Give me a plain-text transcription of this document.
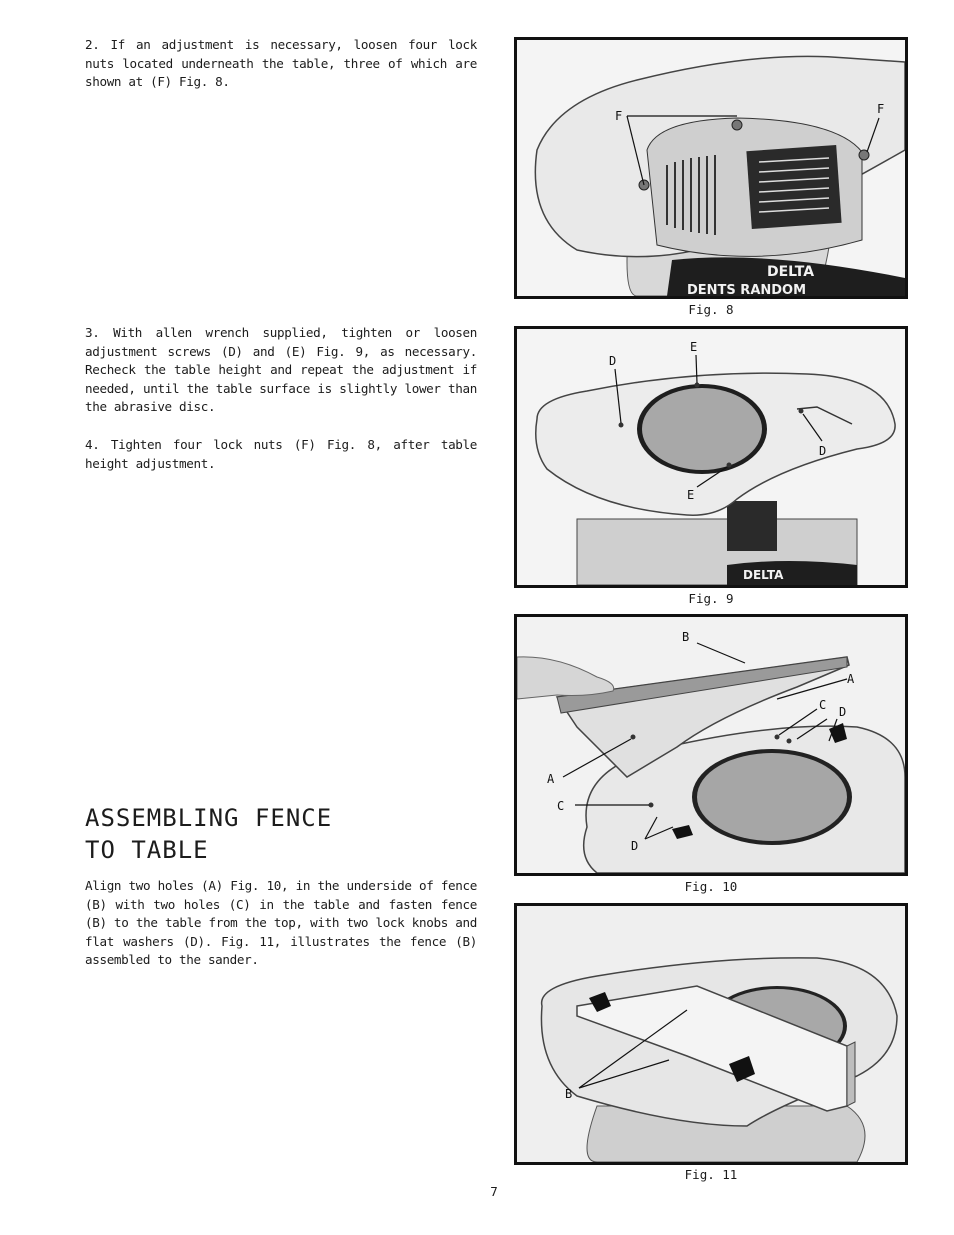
2. If an adjustment is necessary, loosen four lock nuts located underneath the table, three of which are shown at (F) Fig. 8.

3. With allen wrench supplied, tighten or loosen adjustment screws (D) and (E) Fig. 9, as necessary. Recheck the table height and repeat the adjustment if needed, until the table surface is slightly lower than the abrasive disc.

4. Tighten four lock nuts (F) Fig. 8, after table height adjustment.

ASSEMBLING FENCE
TO TABLE

Align two holes (A) Fig. 10, in the underside of fence (B) with two holes (C) in the table and fasten fence (B) to the table from the top, with two lock knobs and flat washers (D). Fig. 11, illustrates the fence (B) assembled to the sander.

DELTA
DENTS RANDOM
F	F
Fig. 8
DELTA
D
E
D
E
Fig. 9
B
A
C D
A
C
D
Fig. 10
B
Fig. 11
7
